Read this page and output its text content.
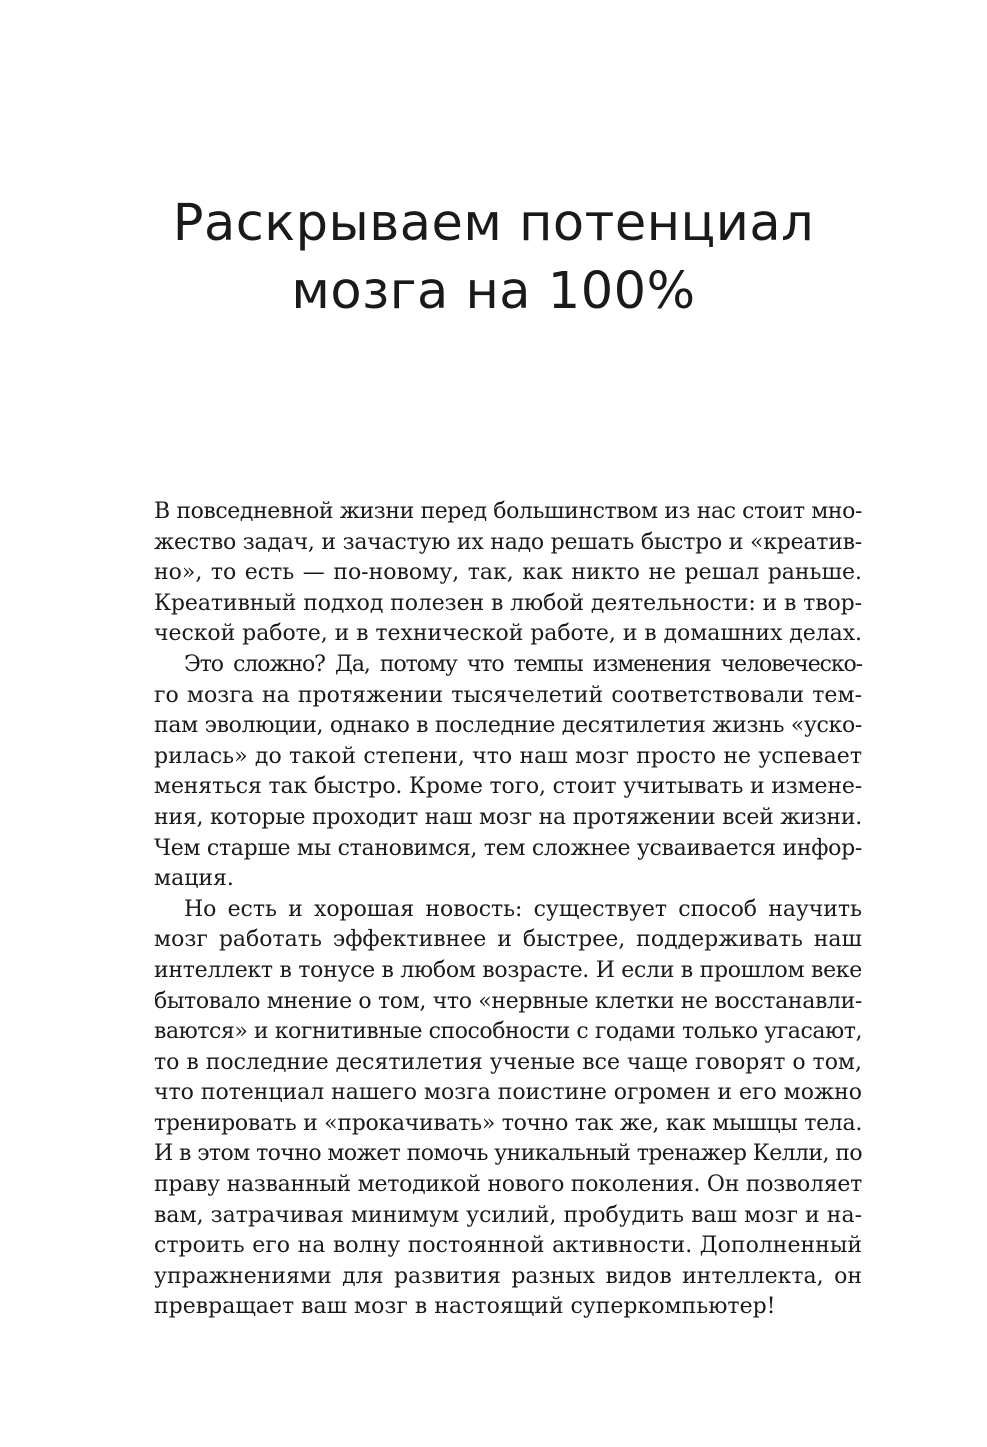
Раскрываем потенциал
мозга на 100%

В повседневной жизни перед большинством из нас стоит мно-
жество задач, и зачастую их надо решать быстро и «креатив-
но», то есть — по-новому, так, как никто не решал раньше.
Креативный подход полезен в любой деятельности: и в твор-
ческой работе, и в технической работе, и в домашних делах.

Это сложно? Да, потому что темпы изменения человеческо-
го мозга на протяжении тысячелетий соответствовали тем-
пам эволюции, однако в последние десятилетия жизнь «уско-
рилась» до такой степени, что наш мозг просто не успевает
меняться так быстро. Кроме того, стоит учитывать и измене-
ния, которые проходит наш мозг на протяжении всей жизни.
Чем старше мы становимся, тем сложнее усваивается инфор-
мация.

Но есть и хорошая новость: существует способ научить
мозг работать эффективнее и быстрее, поддерживать наш
интеллект в тонусе в любом возрасте. И если в прошлом веке
бытовало мнение о том, что «нервные клетки не восстанавли-
ваются» и когнитивные способности с годами только угасают,
то в последние десятилетия ученые все чаще говорят о том,
что потенциал нашего мозга поистине огромен и его можно
тренировать и «прокачивать» точно так же, как мышцы тела.
И в этом точно может помочь уникальный тренажер Келли, по
праву названный методикой нового поколения. Он позволяет
вам, затрачивая минимум усилий, пробудить ваш мозг и на-
строить его на волну постоянной активности. Дополненный
упражнениями для развития разных видов интеллекта, он
превращает ваш мозг в настоящий суперкомпьютер!
